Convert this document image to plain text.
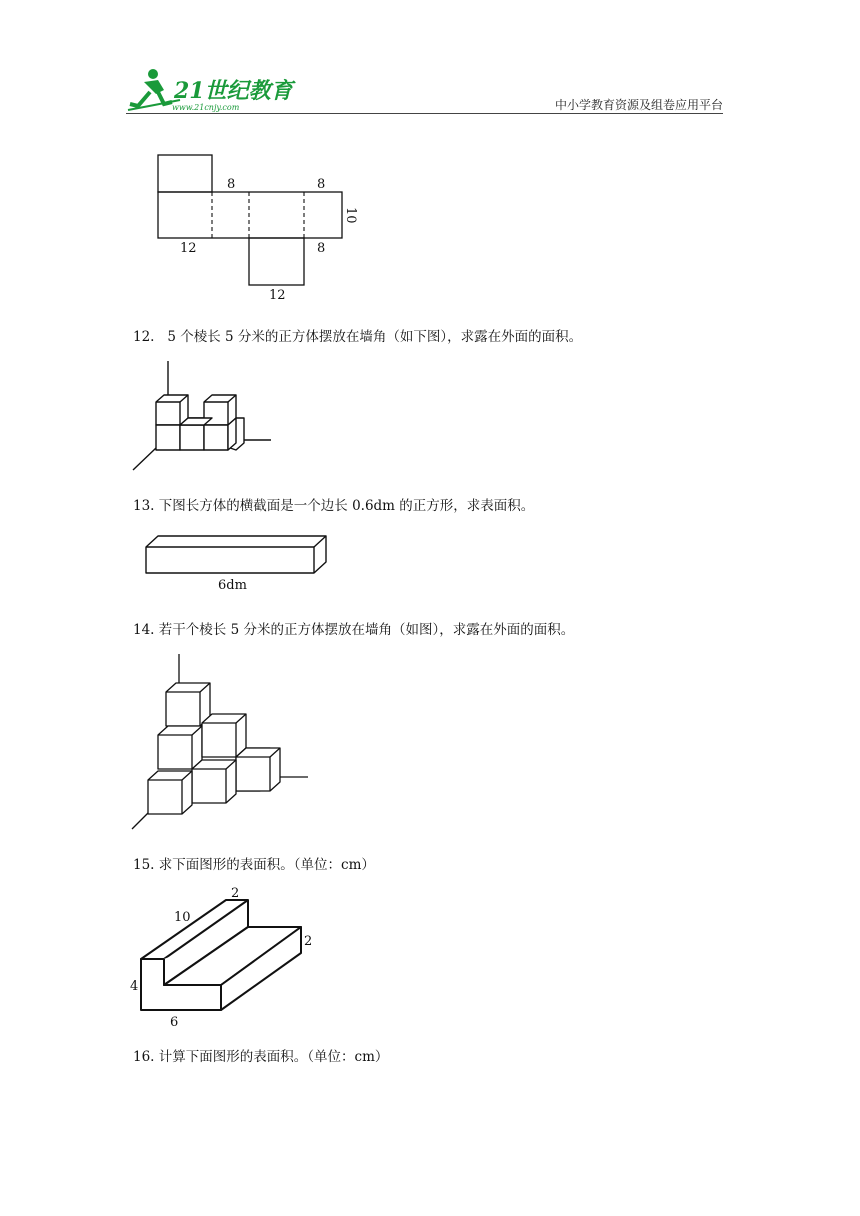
21世纪教育
www.21cnjy.com	中小学教育资源及组卷应用平台
8	8
12	8
12
10
12. 5 个棱长 5 分米的正方体摆放在墙角（如下图），求露在外面的面积。
13. 下图长方体的横截面是一个边长 0.6dm 的正方形，求表面积。
6dm
14. 若干个棱长 5 分米的正方体摆放在墙角（如图），求露在外面的面积。
15. 求下面图形的表面积。（单位：cm）
2
10
2
4
6
16. 计算下面图形的表面积。（单位：cm）
